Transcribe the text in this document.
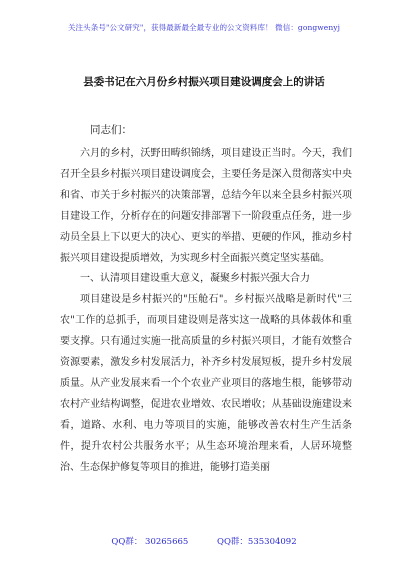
关注头条号"公文研究"，获得最新最全最专业的公文资料库！ 微信：gongwenyj
县委书记在六月份乡村振兴项目建设调度会上的讲话
同志们：

六月的乡村，沃野田畴织锦绣，项目建设正当时。今天，我们召开全县乡村振兴项目建设调度会，主要任务是深入贯彻落实中央和省、市关于乡村振兴的决策部署，总结今年以来全县乡村振兴项目建设工作，分析存在的问题安排部署下一阶段重点任务，进一步动员全县上下以更大的决心、更实的举措、更硬的作风，推动乡村振兴项目建设提质增效，为实现乡村全面振兴奠定坚实基础。

一、认清项目建设重大意义，凝聚乡村振兴强大合力

项目建设是乡村振兴的"压舱石"。乡村振兴战略是新时代"三农"工作的总抓手，而项目建设则是落实这一战略的具体载体和重要支撑。只有通过实施一批高质量的乡村振兴项目，才能有效整合资源要素，激发乡村发展活力，补齐乡村发展短板，提升乡村发展质量。从产业发展来看一个个农业产业项目的落地生根，能够带动农村产业结构调整，促进农业增效、农民增收；从基础设施建设来看，道路、水利、电力等项目的实施，能够改善农村生产生活条件，提升农村公共服务水平；从生态环境治理来看，人居环境整治、生态保护修复等项目的推进，能够打造美丽

QQ群： 30265665	QQ群：535304092
